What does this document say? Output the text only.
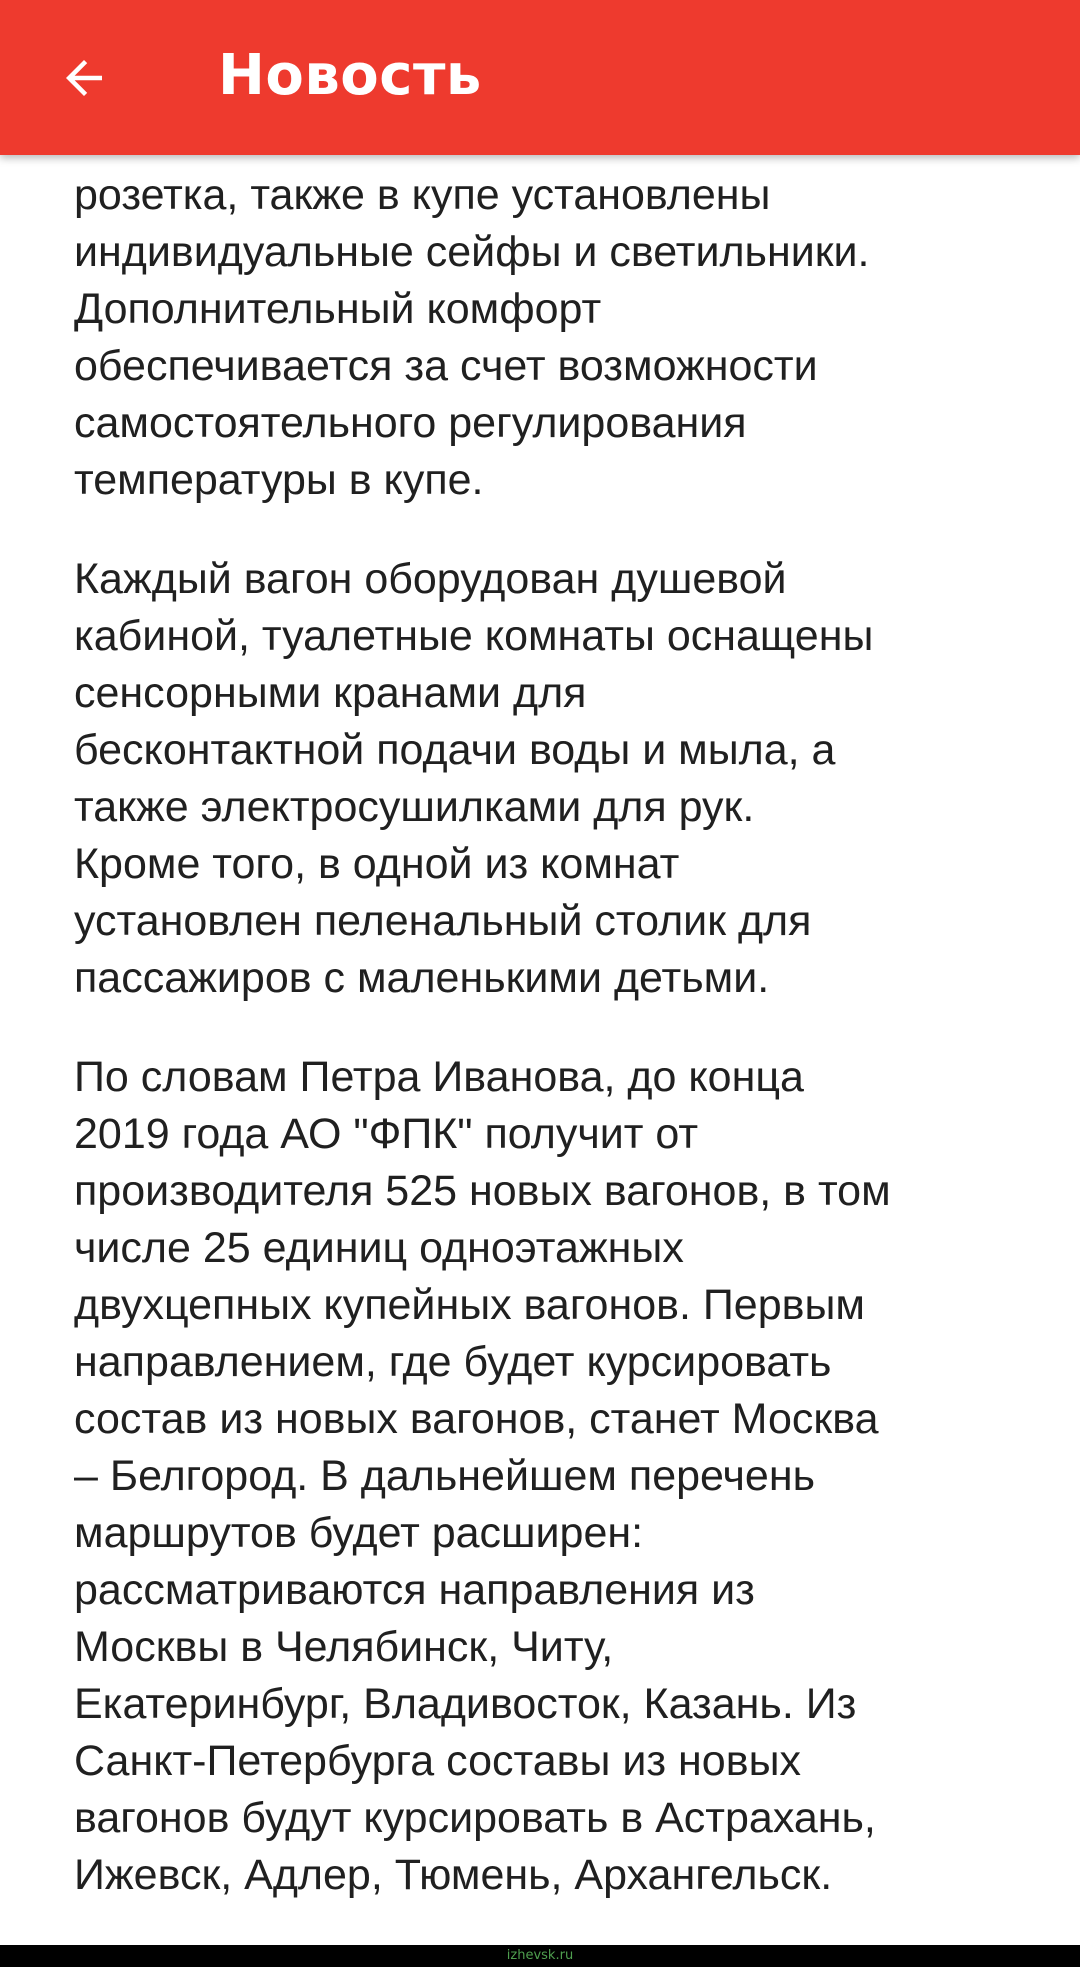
Новость

розетка, также в купе установлены
индивидуальные сейфы и светильники.
Дополнительный комфорт
обеспечивается за счет возможности
самостоятельного регулирования
температуры в купе.

Каждый вагон оборудован душевой
кабиной, туалетные комнаты оснащены
сенсорными кранами для
бесконтактной подачи воды и мыла, а
также электросушилками для рук.
Кроме того, в одной из комнат
установлен пеленальный столик для
пассажиров с маленькими детьми.

По словам Петра Иванова, до конца
2019 года АО "ФПК" получит от
производителя 525 новых вагонов, в том
числе 25 единиц одноэтажных
двухцепных купейных вагонов. Первым
направлением, где будет курсировать
состав из новых вагонов, станет Москва
– Белгород. В дальнейшем перечень
маршрутов будет расширен:
рассматриваются направления из
Москвы в Челябинск, Читу,
Екатеринбург, Владивосток, Казань. Из
Санкт-Петербурга составы из новых
вагонов будут курсировать в Астрахань,
Ижевск, Адлер, Тюмень, Архангельск.

izhevsk.ru
